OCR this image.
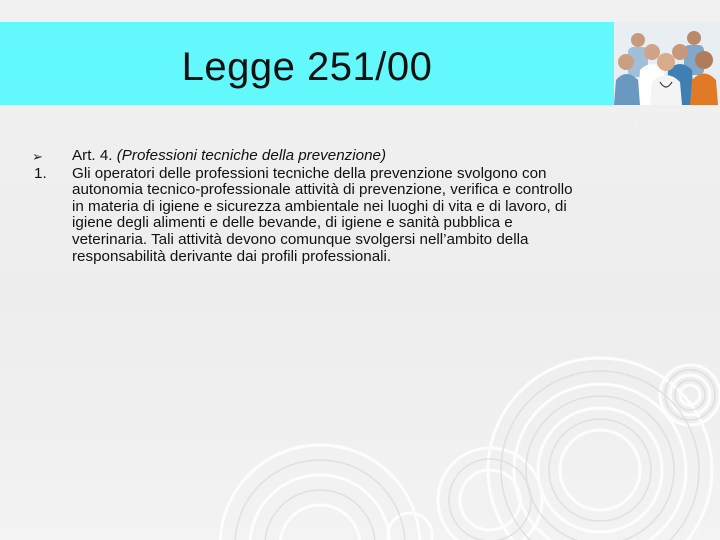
Legge 251/00
➢ Art. 4. (Professioni tecniche della prevenzione)
1. Gli operatori delle professioni tecniche della prevenzione svolgono con
autonomia tecnico-professionale attività di prevenzione, verifica e controllo
in materia di igiene e sicurezza ambientale nei luoghi di vita e di lavoro, di
igiene degli alimenti e delle bevande, di igiene e sanità pubblica e
veterinaria. Tali attività devono comunque svolgersi nell’ambito della
responsabilità derivante dai profili professionali.
